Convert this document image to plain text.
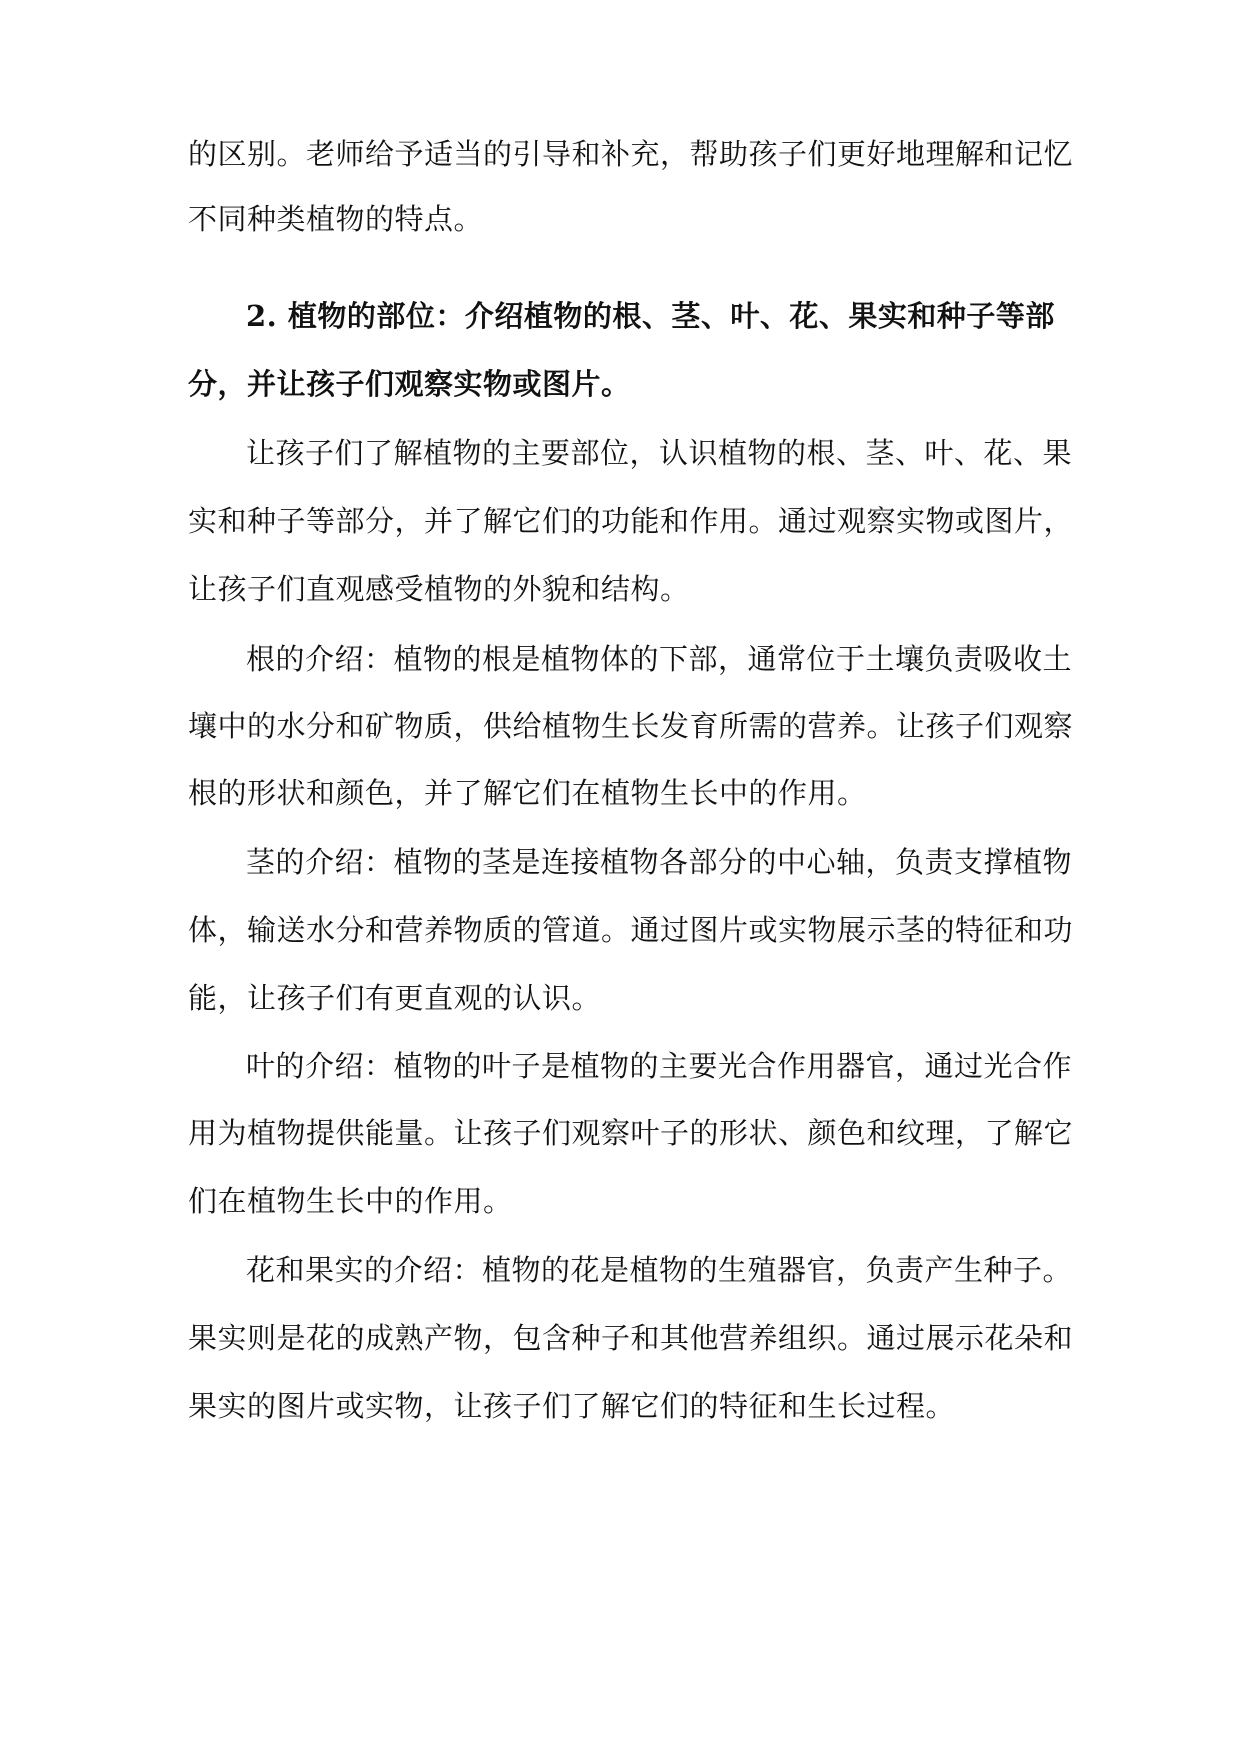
的区别。老师给予适当的引导和补充，帮助孩子们更好地理解和记忆
不同种类植物的特点。
2. 植物的部位：介绍植物的根、茎、叶、花、果实和种子等部
分，并让孩子们观察实物或图片。
让孩子们了解植物的主要部位，认识植物的根、茎、叶、花、果
实和种子等部分，并了解它们的功能和作用。通过观察实物或图片，
让孩子们直观感受植物的外貌和结构。
根的介绍：植物的根是植物体的下部，通常位于土壤负责吸收土
壤中的水分和矿物质，供给植物生长发育所需的营养。让孩子们观察
根的形状和颜色，并了解它们在植物生长中的作用。
茎的介绍：植物的茎是连接植物各部分的中心轴，负责支撑植物
体，输送水分和营养物质的管道。通过图片或实物展示茎的特征和功
能，让孩子们有更直观的认识。
叶的介绍：植物的叶子是植物的主要光合作用器官，通过光合作
用为植物提供能量。让孩子们观察叶子的形状、颜色和纹理，了解它
们在植物生长中的作用。
花和果实的介绍：植物的花是植物的生殖器官，负责产生种子。
果实则是花的成熟产物，包含种子和其他营养组织。通过展示花朵和
果实的图片或实物，让孩子们了解它们的特征和生长过程。
